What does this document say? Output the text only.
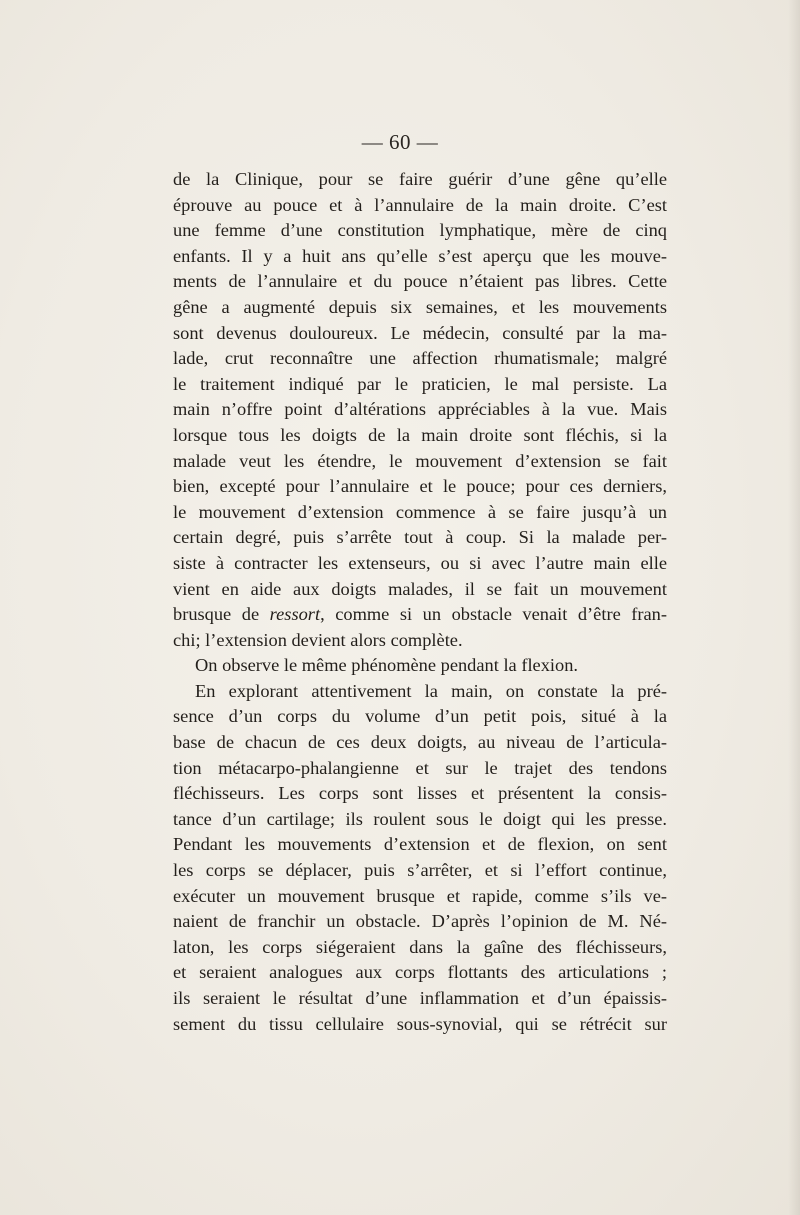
— 60 —
de la Clinique, pour se faire guérir d’une gêne qu’elle
éprouve au pouce et à l’annulaire de la main droite. C’est
une femme d’une constitution lymphatique, mère de cinq
enfants. Il y a huit ans qu’elle s’est aperçu que les mouve-
ments de l’annulaire et du pouce n’étaient pas libres. Cette
gêne a augmenté depuis six semaines, et les mouvements
sont devenus douloureux. Le médecin, consulté par la ma-
lade, crut reconnaître une affection rhumatismale; malgré
le traitement indiqué par le praticien, le mal persiste. La
main n’offre point d’altérations appréciables à la vue. Mais
lorsque tous les doigts de la main droite sont fléchis, si la
malade veut les étendre, le mouvement d’extension se fait
bien, excepté pour l’annulaire et le pouce; pour ces derniers,
le mouvement d’extension commence à se faire jusqu’à un
certain degré, puis s’arrête tout à coup. Si la malade per-
siste à contracter les extenseurs, ou si avec l’autre main elle
vient en aide aux doigts malades, il se fait un mouvement
brusque de ressort, comme si un obstacle venait d’être fran-
chi; l’extension devient alors complète.
On observe le même phénomène pendant la flexion.
En explorant attentivement la main, on constate la pré-
sence d’un corps du volume d’un petit pois, situé à la
base de chacun de ces deux doigts, au niveau de l’articula-
tion métacarpo-phalangienne et sur le trajet des tendons
fléchisseurs. Les corps sont lisses et présentent la consis-
tance d’un cartilage; ils roulent sous le doigt qui les presse.
Pendant les mouvements d’extension et de flexion, on sent
les corps se déplacer, puis s’arrêter, et si l’effort continue,
exécuter un mouvement brusque et rapide, comme s’ils ve-
naient de franchir un obstacle. D’après l’opinion de M. Né-
laton, les corps siégeraient dans la gaîne des fléchisseurs,
et seraient analogues aux corps flottants des articulations ;
ils seraient le résultat d’une inflammation et d’un épaissis-
sement du tissu cellulaire sous-synovial, qui se rétrécit sur
